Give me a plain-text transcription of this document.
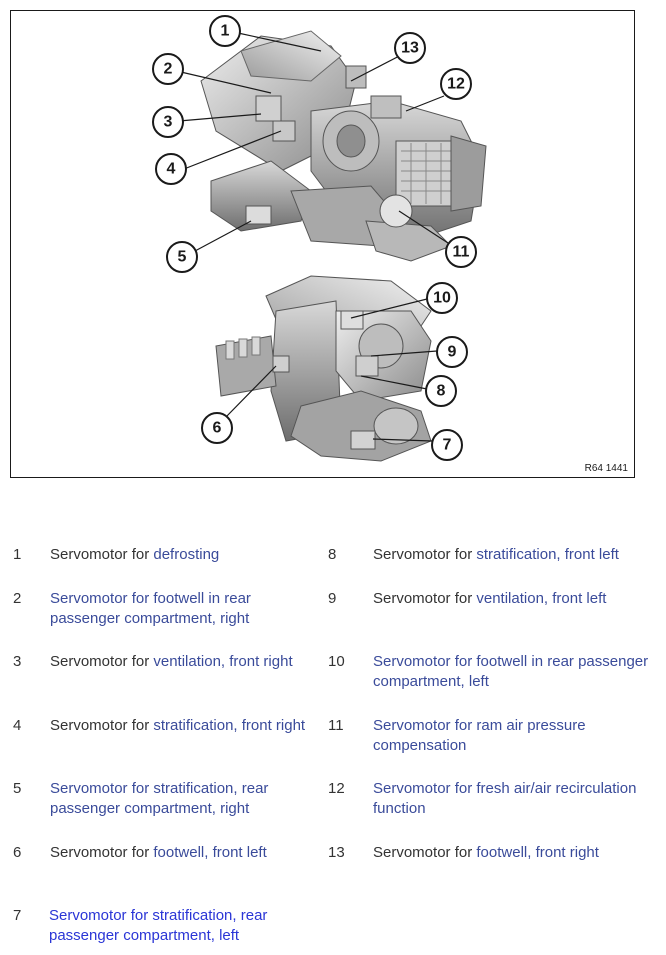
1
2
3
4
5
6
7
8
9
10
11
12
13
R64 1441
1 Servomotor for defrosting
2 Servomotor for footwell in rear passenger compartment, right
3 Servomotor for ventilation, front right
4 Servomotor for stratification, front right
5 Servomotor for stratification, rear passenger compartment, right
6 Servomotor for footwell, front left
7 Servomotor for stratification, rear passenger compartment, left
8 Servomotor for stratification, front left
9 Servomotor for ventilation, front left
10 Servomotor for footwell in rear passenger compartment, left
11 Servomotor for ram air pressure compensation
12 Servomotor for fresh air/air recirculation function
13 Servomotor for footwell, front right
